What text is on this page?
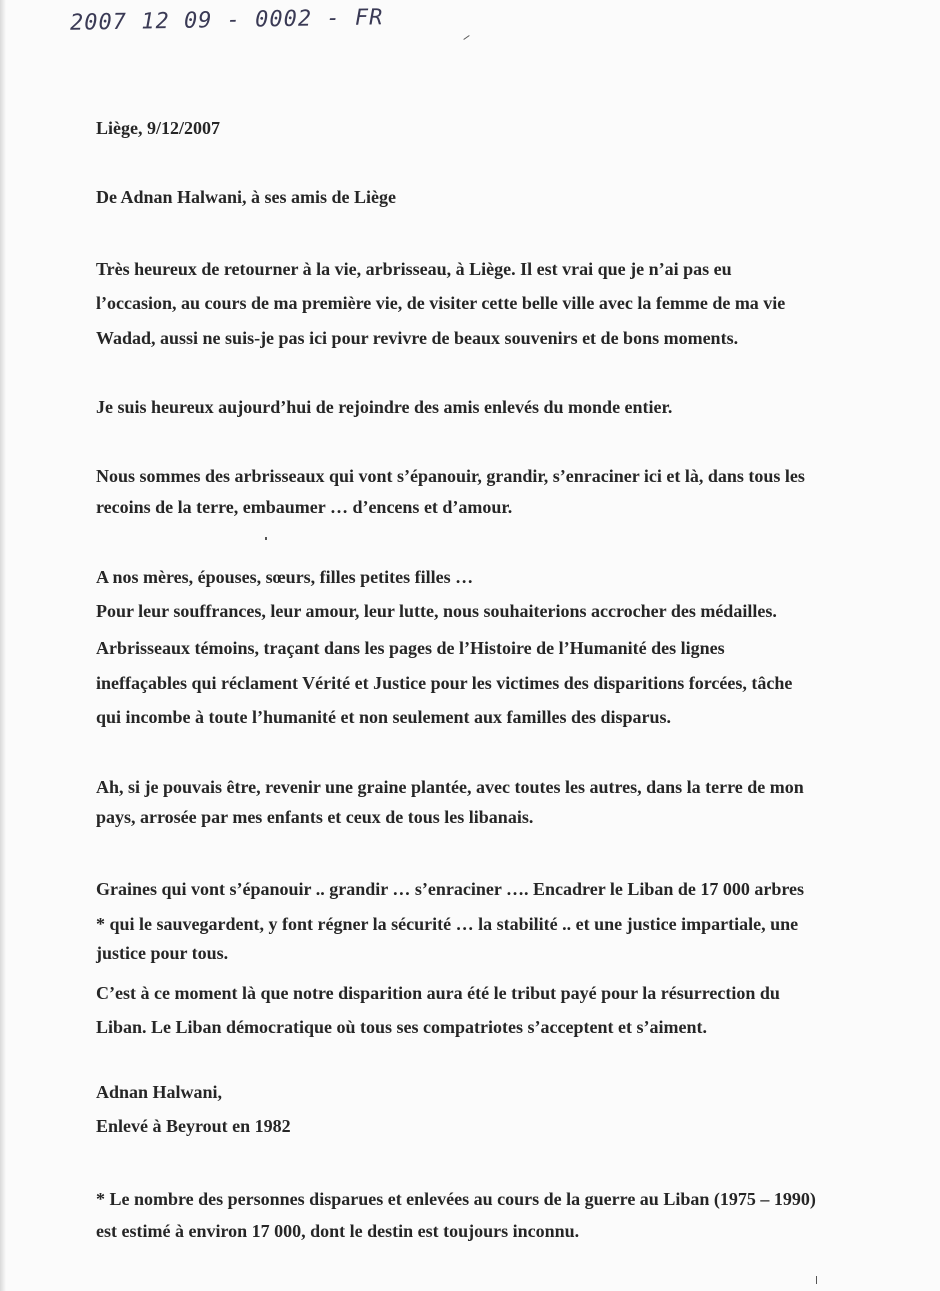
2007 12 09 - 0002 - FR
Liège, 9/12/2007
De Adnan Halwani, à ses amis de Liège
Très heureux de retourner à la vie, arbrisseau, à Liège. Il est vrai que je n’ai pas eu
l’occasion, au cours de ma première vie, de visiter cette belle ville avec la femme de ma vie
Wadad, aussi ne suis-je pas ici pour revivre de beaux souvenirs et de bons moments.
Je suis heureux aujourd’hui de rejoindre des amis enlevés du monde entier.
Nous sommes des arbrisseaux qui vont s’épanouir, grandir, s’enraciner ici et là, dans tous les
recoins de la terre, embaumer … d’encens et d’amour.
A nos mères, épouses, sœurs, filles petites filles …
Pour leur souffrances, leur amour, leur lutte, nous souhaiterions accrocher des médailles.
Arbrisseaux témoins, traçant dans les pages de l’Histoire de l’Humanité des lignes
ineffaçables qui réclament Vérité et Justice pour les victimes des disparitions forcées, tâche
qui incombe à toute l’humanité et non seulement aux familles des disparus.
Ah, si je pouvais être, revenir une graine plantée, avec toutes les autres, dans la terre de mon
pays, arrosée par mes enfants et ceux de tous les libanais.
Graines qui vont s’épanouir .. grandir … s’enraciner …. Encadrer le Liban de 17 000 arbres
* qui le sauvegardent, y font régner la sécurité … la stabilité .. et une justice impartiale, une
justice pour tous.
C’est à ce moment là que notre disparition aura été le tribut payé pour la résurrection du
Liban. Le Liban démocratique où tous ses compatriotes s’acceptent et s’aiment.
Adnan Halwani,
Enlevé à Beyrout en 1982
* Le nombre des personnes disparues et enlevées au cours de la guerre au Liban (1975 – 1990)
est estimé à environ 17 000, dont le destin est toujours inconnu.
